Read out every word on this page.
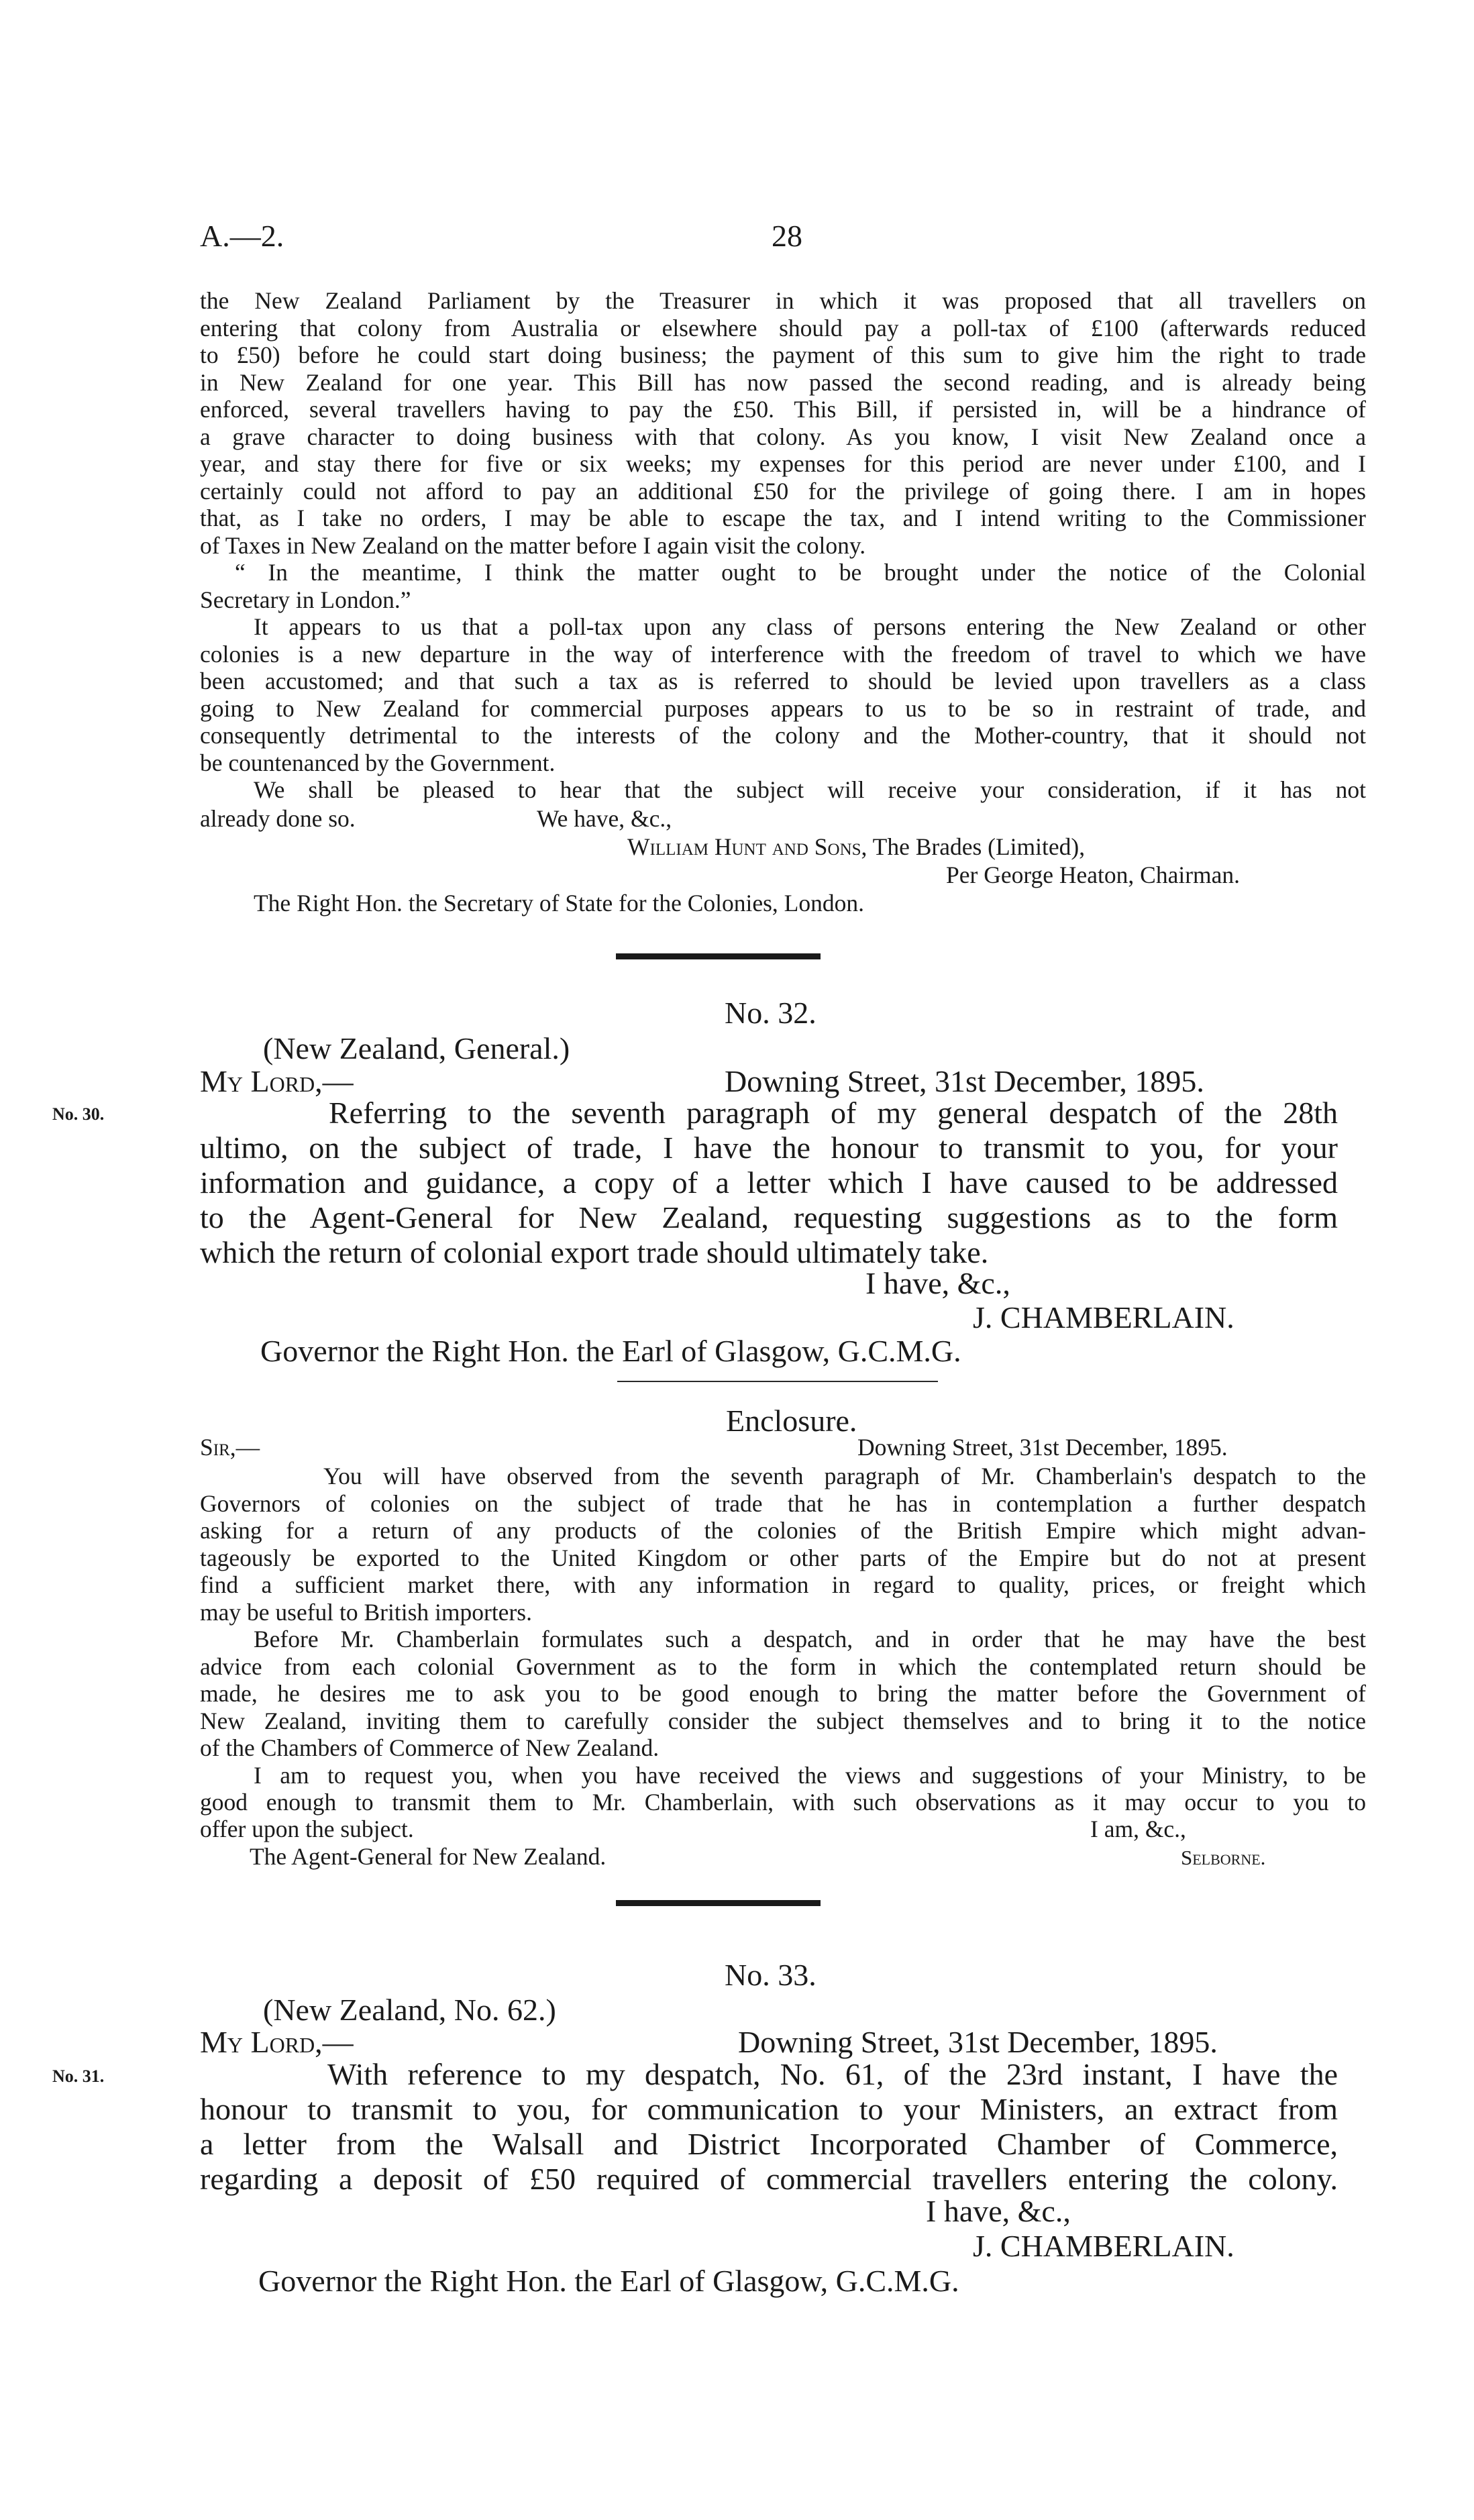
A.—2.	28
the New Zealand Parliament by the Treasurer in which it was proposed that all travellers on
entering that colony from Australia or elsewhere should pay a poll-tax of £100 (afterwards reduced
to £50) before he could start doing business; the payment of this sum to give him the right to trade
in New Zealand for one year. This Bill has now passed the second reading, and is already being
enforced, several travellers having to pay the £50. This Bill, if persisted in, will be a hindrance of
a grave character to doing business with that colony. As you know, I visit New Zealand once a
year, and stay there for five or six weeks; my expenses for this period are never under £100, and I
certainly could not afford to pay an additional £50 for the privilege of going there. I am in hopes
that, as I take no orders, I may be able to escape the tax, and I intend writing to the Commissioner
of Taxes in New Zealand on the matter before I again visit the colony.
“ In the meantime, I think the matter ought to be brought under the notice of the Colonial
Secretary in London.”
It appears to us that a poll-tax upon any class of persons entering the New Zealand or other
colonies is a new departure in the way of interference with the freedom of travel to which we have
been accustomed; and that such a tax as is referred to should be levied upon travellers as a class
going to New Zealand for commercial purposes appears to us to be so in restraint of trade, and
consequently detrimental to the interests of the colony and the Mother-country, that it should not
be countenanced by the Government.
We shall be pleased to hear that the subject will receive your consideration, if it has not
already done so.	We have, &c.,
William Hunt and Sons, The Brades (Limited),
Per George Heaton, Chairman.
The Right Hon. the Secretary of State for the Colonies, London.
No. 32.
(New Zealand, General.)
My Lord,—	Downing Street, 31st December, 1895.
No. 30.	Referring to the seventh paragraph of my general despatch of the 28th
ultimo, on the subject of trade, I have the honour to transmit to you, for your
information and guidance, a copy of a letter which I have caused to be addressed
to the Agent-General for New Zealand, requesting suggestions as to the form
which the return of colonial export trade should ultimately take.
I have, &c.,
J. CHAMBERLAIN.
Governor the Right Hon. the Earl of Glasgow, G.C.M.G.
Enclosure.
Sir,—	Downing Street, 31st December, 1895.
You will have observed from the seventh paragraph of Mr. Chamberlain's despatch to the
Governors of colonies on the subject of trade that he has in contemplation a further despatch
asking for a return of any products of the colonies of the British Empire which might advan-
tageously be exported to the United Kingdom or other parts of the Empire but do not at present
find a sufficient market there, with any information in regard to quality, prices, or freight which
may be useful to British importers.
Before Mr. Chamberlain formulates such a despatch, and in order that he may have the best
advice from each colonial Government as to the form in which the contemplated return should be
made, he desires me to ask you to be good enough to bring the matter before the Government of
New Zealand, inviting them to carefully consider the subject themselves and to bring it to the notice
of the Chambers of Commerce of New Zealand.
I am to request you, when you have received the views and suggestions of your Ministry, to be
good enough to transmit them to Mr. Chamberlain, with such observations as it may occur to you to
offer upon the subject.	I am, &c.,
The Agent-General for New Zealand.	Selborne.
No. 33.
(New Zealand, No. 62.)
My Lord,—	Downing Street, 31st December, 1895.
No. 31.	With reference to my despatch, No. 61, of the 23rd instant, I have the
honour to transmit to you, for communication to your Ministers, an extract from
a letter from the Walsall and District Incorporated Chamber of Commerce,
regarding a deposit of £50 required of commercial travellers entering the colony.
I have, &c.,
J. CHAMBERLAIN.
Governor the Right Hon. the Earl of Glasgow, G.C.M.G.
